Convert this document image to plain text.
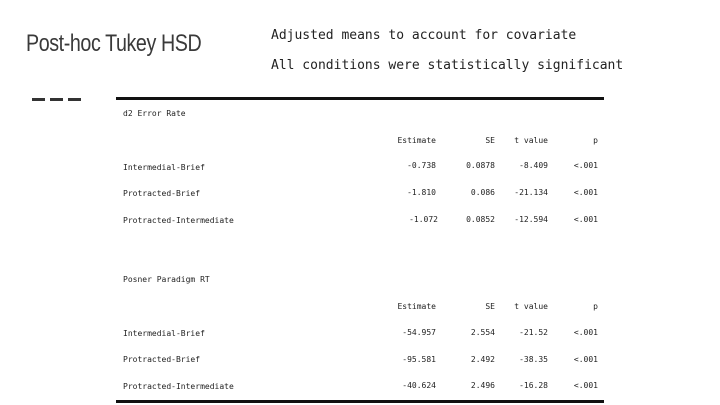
Post-hoc Tukey HSD	Adjusted means to account for covariate
All conditions were statistically significant
d2 Error Rate
Estimate	SE	t value	p
Intermedial-Brief	-0.738	0.0878	-8.409	<.001
Protracted-Brief	-1.810	0.086	-21.134	<.001
Protracted-Intermediate	-1.072	0.0852	-12.594	<.001
Posner Paradigm RT
Estimate	SE	t value	p
Intermedial-Brief	-54.957	2.554	-21.52	<.001
Protracted-Brief	-95.581	2.492	-38.35	<.001
Protracted-Intermediate	-40.624	2.496	-16.28	<.001
